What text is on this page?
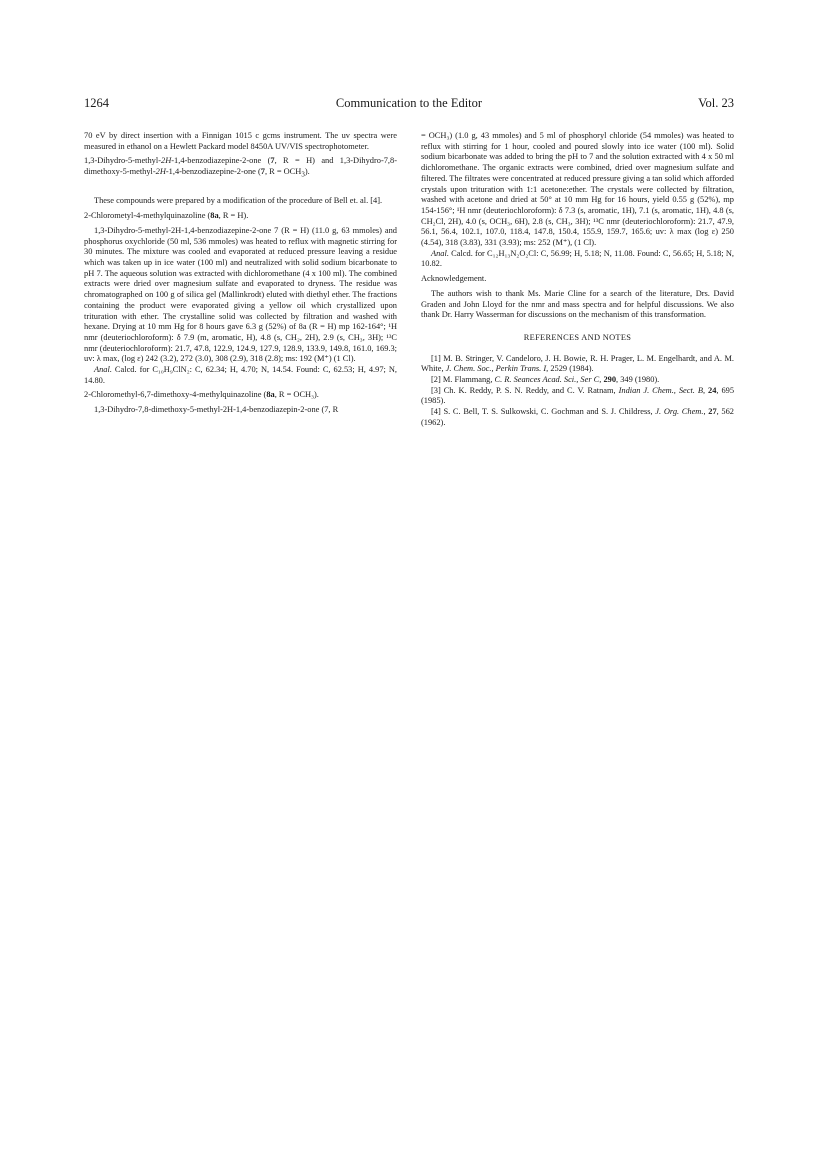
1264	Communication to the Editor	Vol. 23

70 eV by direct insertion with a Finnigan 1015 c gcms instrument. The uv spectra were measured in ethanol on a Hewlett Packard model 8450A UV/VIS spectrophotometer.

1,3-Dihydro-5-methyl-2H-1,4-benzodiazepine-2-one (7, R = H) and 1,3-Dihydro-7,8-dimethoxy-5-methyl-2H-1,4-benzodiazepine-2-one (7, $R = OCH_3$).

These compounds were prepared by a modification of the procedure of Bell et. al. [4].

2-Chlorometyl-4-methylquinazoline (8a, R = H).

1,3-Dihydro-5-methyl-2H-1,4-benzodiazepine-2-one 7 (R = H) (11.0 g, 63 mmoles) and phosphorus oxychloride (50 ml, 536 mmoles) was heated to reflux with magnetic stirring for 30 minutes. The mixture was cooled and evaporated at reduced pressure leaving a residue which was taken up in ice water (100 ml) and neutralized with solid sodium bicarbonate to pH 7. The aqueous solution was extracted with dichloromethane (4 x 100 ml). The combined extracts were dried over magnesium sulfate and evaporated to dryness. The residue was chromatographed on 100 g of silica gel (Mallinkrodt) eluted with diethyl ether. The fractions containing the product were evaporated giving a yellow oil which crystallized upon trituration with ether. The crystalline solid was collected by filtration and washed with hexane. Drying at 10 mm Hg for 8 hours gave 6.3 g (52%) of 8a (R = H) mp 162-164°; ¹H nmr (deuteriochloroform): δ 7.9 (m, aromatic, H), 4.8 (s, CH₂, 2H), 2.9 (s, CH₃, 3H); ¹³C nmr (deuteriochloroform): 21.7, 47.8, 122.9, 124.9, 127.9, 128.9, 133.9, 149.8, 161.0, 169.3; uv: λ max, (log ε) 242 (3.2), 272 (3.0), 308 (2.9), 318 (2.8); ms: 192 (M⁺) (1 Cl).

Anal. Calcd. for C₁₀H₉ClN₂: C, 62.34; H, 4.70; N, 14.54. Found: C, 62.53; H, 4.97; N, 14.80.

2-Chloromethyl-6,7-dimethoxy-4-methylquinazoline (8a, R = OCH₃).

1,3-Dihydro-7,8-dimethoxy-5-methyl-2H-1,4-benzodiazepin-2-one (7, R

= OCH₃) (1.0 g, 43 mmoles) and 5 ml of phosphoryl chloride (54 mmoles) was heated to reflux with stirring for 1 hour, cooled and poured slowly into ice water (100 ml). Solid sodium bicarbonate was added to bring the pH to 7 and the solution extracted with 4 x 50 ml dichloromethane. The organic extracts were combined, dried over magnesium sulfate and filtered. The filtrates were concentrated at reduced pressure giving a tan solid which afforded crystals upon trituration with 1:1 acetone:ether. The crystals were collected by filtration, washed with acetone and dried at 50° at 10 mm Hg for 16 hours, yield 0.55 g (52%), mp 154-156°; ¹H nmr (deuteriochloroform): δ 7.3 (s, aromatic, 1H), 7.1 (s, aromatic, 1H), 4.8 (s, CH₂Cl, 2H), 4.0 (s, OCH₃, 6H), 2.8 (s, CH₃, 3H); ¹³C nmr (deuteriochloroform): 21.7, 47.9, 56.1, 56.4, 102.1, 107.0, 118.4, 147.8, 150.4, 155.9, 159.7, 165.6; uv: λ max (log ε) 250 (4.54), 318 (3.83), 331 (3.93); ms: 252 (M⁺), (1 Cl).

Anal. Calcd. for C₁₂H₁₃N₂O₂Cl: C, 56.99; H, 5.18; N, 11.08. Found: C, 56.65; H, 5.18; N, 10.82.

Acknowledgement.

The authors wish to thank Ms. Marie Cline for a search of the literature, Drs. David Graden and John Lloyd for the nmr and mass spectra and for helpful discussions. We also thank Dr. Harry Wasserman for discussions on the mechanism of this transformation.

REFERENCES AND NOTES

[1] M. B. Stringer, V. Candeloro, J. H. Bowie, R. H. Prager, L. M. Engelhardt, and A. M. White, J. Chem. Soc., Perkin Trans. I, 2529 (1984).

[2] M. Flammang, C. R. Seances Acad. Sci., Ser C, 290, 349 (1980).

[3] Ch. K. Reddy, P. S. N. Reddy, and C. V. Ratnam, Indian J. Chem., Sect. B, 24, 695 (1985).

[4] S. C. Bell, T. S. Sulkowski, C. Gochman and S. J. Childress, J. Org. Chem., 27, 562 (1962).
